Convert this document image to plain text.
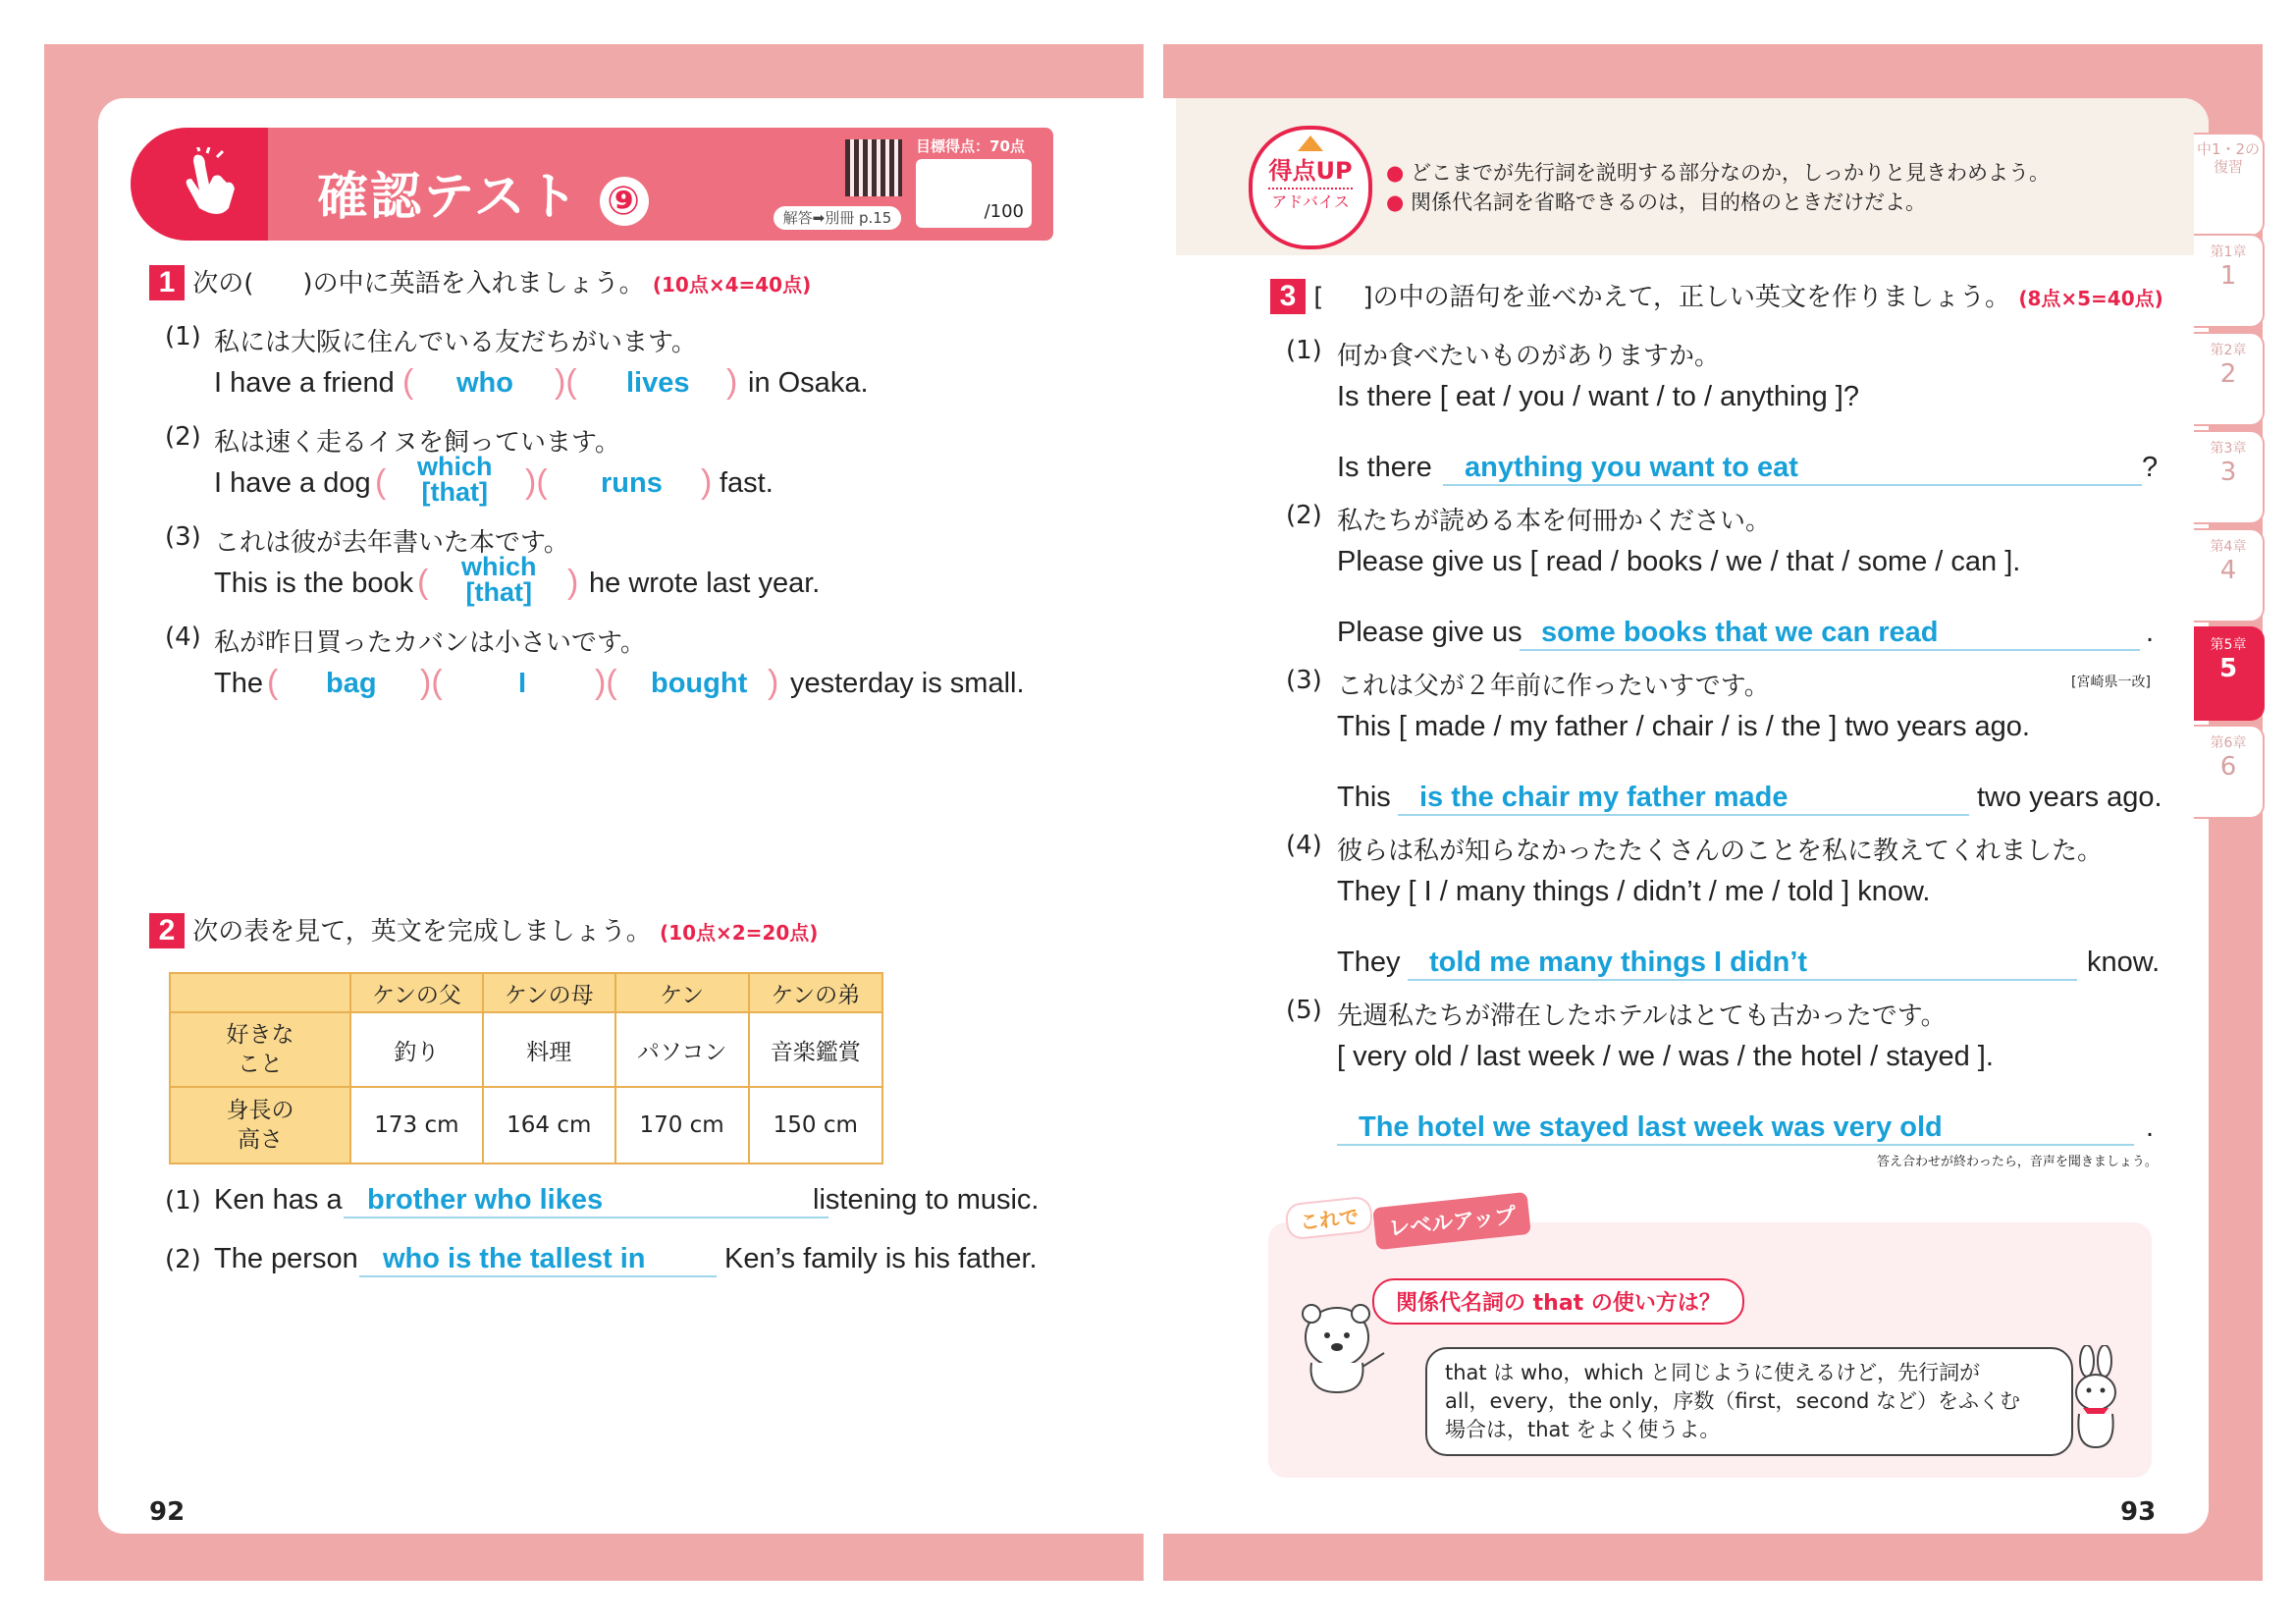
確認テスト ⑨	解答➡別冊 p.15
目標得点：70点
/100
1 次の( )の中に英語を入れましょう。 (10点×4=40点)
(1) 私には大阪に住んでいる友だちがいます。
I have a friend ( who )( lives ) in Osaka.
(2) 私は速く走るイヌを飼っています。
I have a dog ( which
[that] )( runs ) fast.
(3) これは彼が去年書いた本です。
This is the book ( which
[that] ) he wrote last year.
(4) 私が昨日買ったカバンは小さいです。
The ( bag )(	I )( bought ) yesterday is small.
2 次の表を見て，英文を完成しましょう。 (10点×2=20点)
	ケンの父	ケンの母	ケン	ケンの弟
好きな
こと	釣り	料理	パソコン	音楽鑑賞
身長の
高さ	173 cm	164 cm	170 cm	150 cm
(1) Ken has a brother who likes	listening to music.
(2) The person who is the tallest in	Ken’s family is his father.
92
得点UP
アドバイス
● どこまでが先行詞を説明する部分なのか，しっかりと見きわめよう。
● 関係代名詞を省略できるのは，目的格のときだけだよ。
3 [ ]の中の語句を並べかえて，正しい英文を作りましょう。 (8点×5=40点)
(1) 何か食べたいものがありますか。
Is there [ eat / you / want / to / anything ]?
Is there	anything you want to eat	?
(2) 私たちが読める本を何冊かください。
Please give us [ read / books / we / that / some / can ].
Please give us some books that we can read	.
(3) これは父が２年前に作ったいすです。	[宮崎県一改]
This [ made / my father / chair / is / the ] two years ago.
This	is the chair my father made	two years ago.
(4) 彼らは私が知らなかったたくさんのことを私に教えてくれました。
They [ I / many things / didn’t / me / told ] know.
They	told me many things I didn’t	know.
(5) 先週私たちが滞在したホテルはとても古かったです。
[ very old / last week / we / was / the hotel / stayed ].
The hotel we stayed last week was very old	.
答え合わせが終わったら，音声を聞きましょう。
これで	レベルアップ
関係代名詞の that の使い方は？
that は who，which と同じように使えるけど，先行詞が
all，every，the only，序数（first，second など）をふくむ
場合は，that をよく使うよ。
93
中1・2の復習
第1章
1
第2章
2
第3章
3
第4章
4
第5章
5
第6章
6
